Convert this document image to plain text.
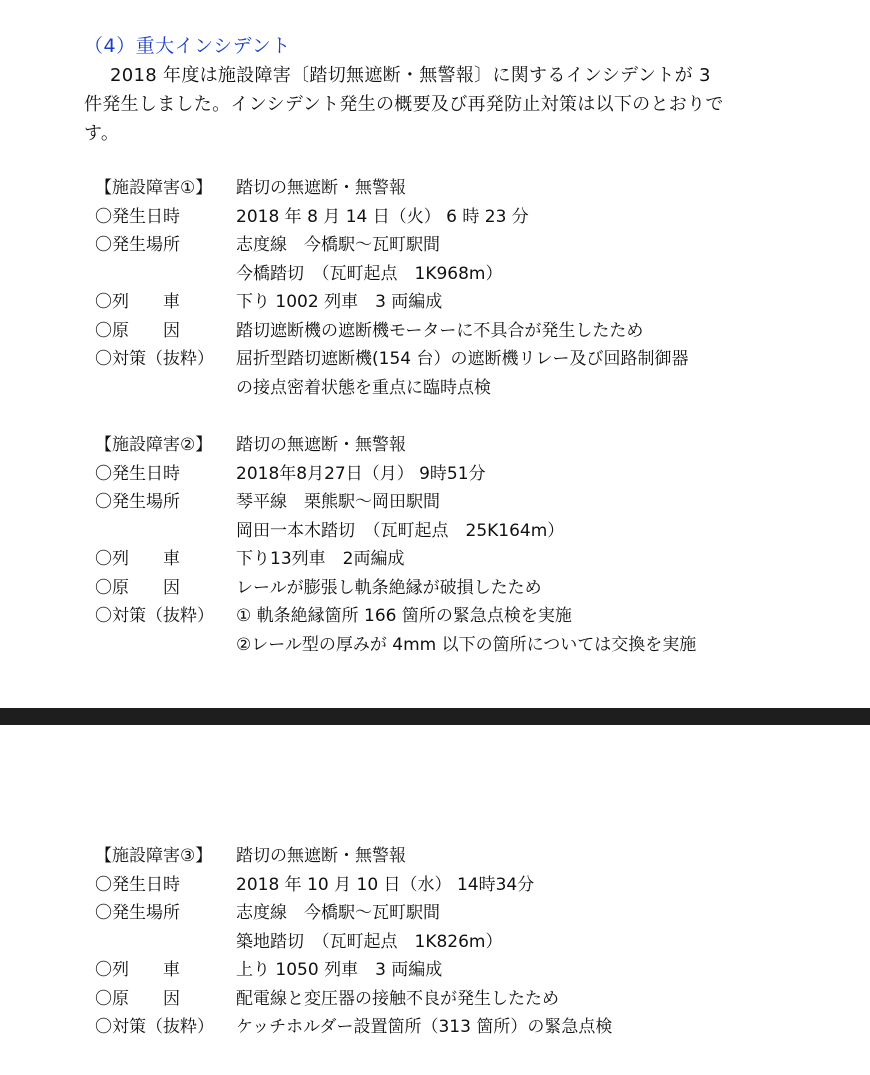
（4）重大インシデント
2018 年度は施設障害〔踏切無遮断・無警報〕に関するインシデントが 3
件発生しました。インシデント発生の概要及び再発防止対策は以下のとおりで
す。
【施設障害①】 踏切の無遮断・無警報
〇発生日時	2018 年 8 月 14 日（火） 6 時 23 分
〇発生場所	志度線　今橋駅～瓦町駅間
今橋踏切　（瓦町起点　1K968m）
〇列　　車	下り 1002 列車　3 両編成
〇原　　因	踏切遮断機の遮断機モーターに不具合が発生したため
〇対策（抜粋） 屈折型踏切遮断機(154 台）の遮断機リレー及び回路制御器
の接点密着状態を重点に臨時点検
【施設障害②】 踏切の無遮断・無警報
〇発生日時	2018年8月27日（月） 9時51分
〇発生場所	琴平線　栗熊駅～岡田駅間
岡田一本木踏切　（瓦町起点　25K164m）
〇列　　車	下り13列車　2両編成
〇原　　因	レールが膨張し軌条絶縁が破損したため
〇対策（抜粋） ① 軌条絶縁箇所 166 箇所の緊急点検を実施
②レール型の厚みが 4mm 以下の箇所については交換を実施
【施設障害③】 踏切の無遮断・無警報
〇発生日時	2018 年 10 月 10 日（水） 14時34分
〇発生場所	志度線　今橋駅～瓦町駅間
築地踏切　（瓦町起点　1K826m）
〇列　　車	上り 1050 列車　3 両編成
〇原　　因	配電線と変圧器の接触不良が発生したため
〇対策（抜粋） ケッチホルダー設置箇所（313 箇所）の緊急点検
